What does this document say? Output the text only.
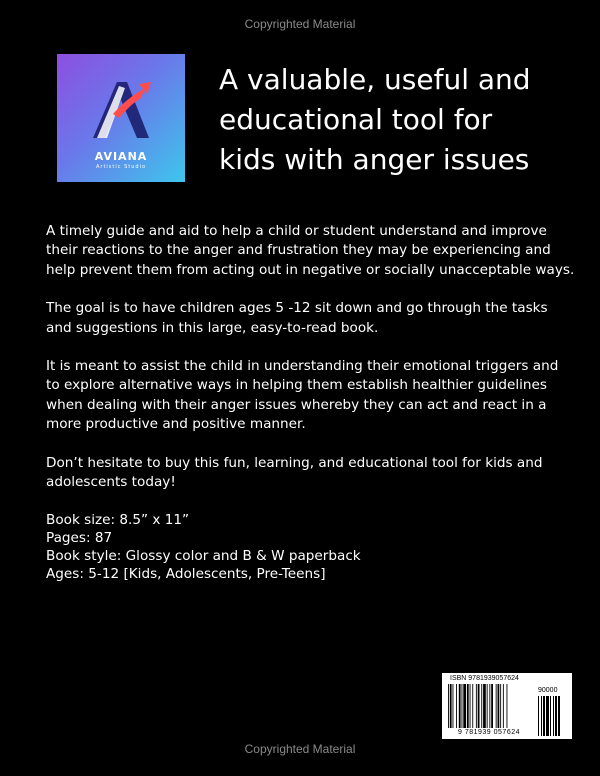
Copyrighted Material
AVIANA
Artistic Studio
A valuable, useful and
educational tool for
kids with anger issues

A timely guide and aid to help a child or student understand and improve their reactions to the anger and frustration they may be experiencing and help prevent them from acting out in negative or socially unacceptable ways.

The goal is to have children ages 5 -12 sit down and go through the tasks and suggestions in this large, easy-to-read book.

It is meant to assist the child in understanding their emotional triggers and to explore alternative ways in helping them establish healthier guidelines when dealing with their anger issues whereby they can act and react in a more productive and positive manner.

Don’t hesitate to buy this fun, learning, and educational tool for kids and adolescents today!

Book size: 8.5” x 11”
Pages: 87
Book style: Glossy color and B & W paperback
Ages: 5-12 [Kids, Adolescents, Pre-Teens]
ISBN 9781939057624
90000
9 781939 057624
Copyrighted Material
